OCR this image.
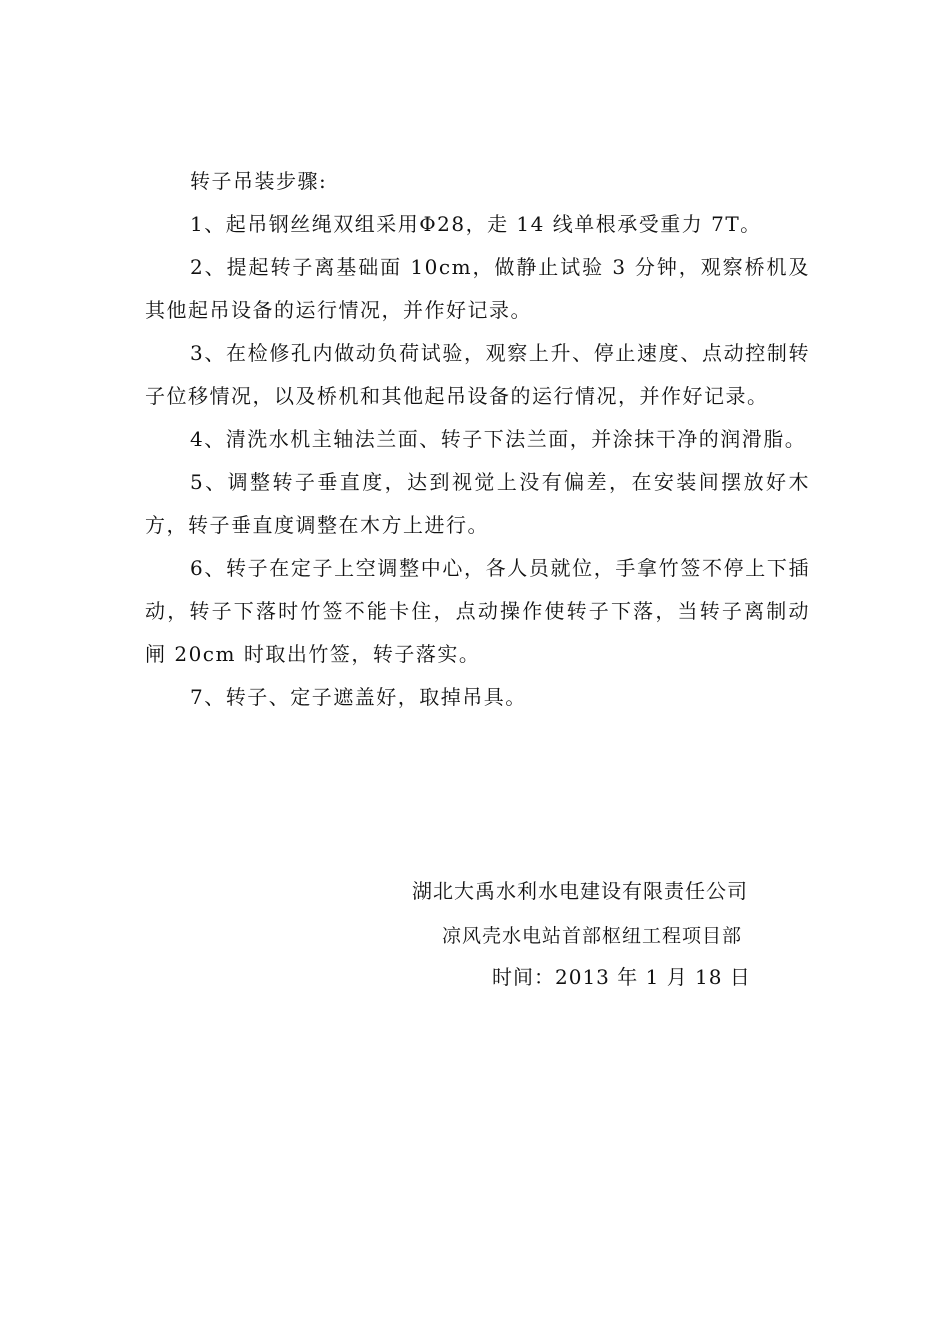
转子吊装步骤:

1、起吊钢丝绳双组采用Φ28，走 14 线单根承受重力 7T。

2、提起转子离基础面 10cm，做静止试验 3 分钟，观察桥机及其他起吊设备的运行情况，并作好记录。

3、在检修孔内做动负荷试验，观察上升、停止速度、点动控制转子位移情况，以及桥机和其他起吊设备的运行情况，并作好记录。

4、清洗水机主轴法兰面、转子下法兰面，并涂抹干净的润滑脂。

5、调整转子垂直度，达到视觉上没有偏差，在安装间摆放好木方，转子垂直度调整在木方上进行。

6、转子在定子上空调整中心，各人员就位，手拿竹签不停上下插动，转子下落时竹签不能卡住，点动操作使转子下落，当转子离制动闸 20cm 时取出竹签，转子落实。

7、转子、定子遮盖好，取掉吊具。

湖北大禹水利水电建设有限责任公司
凉风壳水电站首部枢纽工程项目部
时间：2013 年 1 月 18 日
